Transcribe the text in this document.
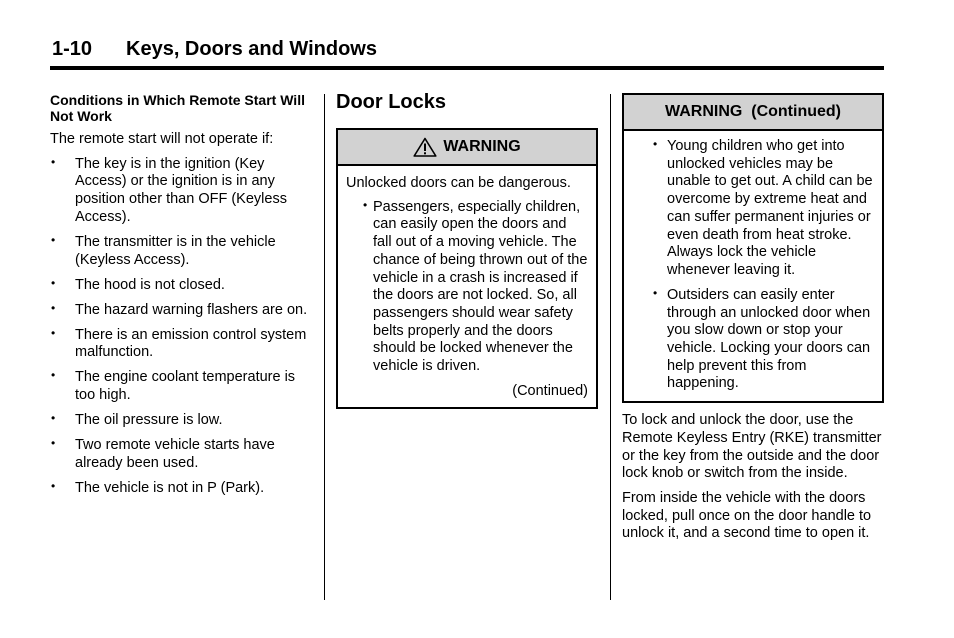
1-10 Keys, Doors and Windows
Conditions in Which Remote Start Will Not Work
The remote start will not operate if:
• The key is in the ignition (Key Access) or the ignition is in any position other than OFF (Keyless Access).
• The transmitter is in the vehicle (Keyless Access).
• The hood is not closed.
• The hazard warning flashers are on.
• There is an emission control system malfunction.
• The engine coolant temperature is too high.
• The oil pressure is low.
• Two remote vehicle starts have already been used.
• The vehicle is not in P (Park).
Door Locks
WARNING
Unlocked doors can be dangerous.
• Passengers, especially children, can easily open the doors and fall out of a moving vehicle. The chance of being thrown out of the vehicle in a crash is increased if the doors are not locked. So, all passengers should wear safety belts properly and the doors should be locked whenever the vehicle is driven.
(Continued)
WARNING  (Continued)
• Young children who get into unlocked vehicles may be unable to get out. A child can be overcome by extreme heat and can suffer permanent injuries or even death from heat stroke. Always lock the vehicle whenever leaving it.
• Outsiders can easily enter through an unlocked door when you slow down or stop your vehicle. Locking your doors can help prevent this from happening.
To lock and unlock the door, use the Remote Keyless Entry (RKE) transmitter or the key from the outside and the door lock knob or switch from the inside.
From inside the vehicle with the doors locked, pull once on the door handle to unlock it, and a second time to open it.
